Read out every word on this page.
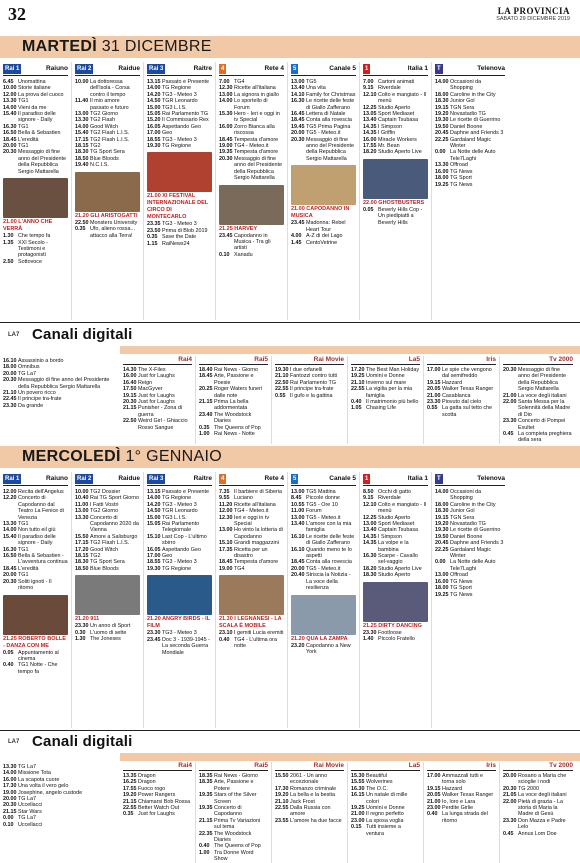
32	LA PROVINCIA
SABATO 29 DICEMBRE 2019
MARTEDÌ 31 DICEMBRE
Rai 1	Raiuno
6.45 Unomattina
10.00 Storie italiane
12.00 La prova del cuoco
13.30 TG1
14.00 Vieni da me
15.40 Il paradiso delle signore - Daily
16.30 TG1
16.50 Bella & Sebastien
18.45 L'eredità
20.00 TG1
20.30 Messaggio di fine anno del Presidente della Repubblica Sergio Mattarella
21.00 L'ANNO CHE VERRÀ
1.30 Che tempo fa
1.35 XXI Secolo - Testimoni e protagonisti
2.50 Sottovoce
Rai 2	Raidue
10.00 La dottoressa dell'isola - Corsa contro il tempo
11.40 Il mio amore passato e futuro
13.00 TG2 Giorno
13.30 TG2 Flash
14.00 Good Witch
15.40 TG2 Flash L.I.S.
17.15 TG2 Flash L.I.S.
18.15 TG2
18.30 TG Sport Sera
18.50 Blue Bloods
19.40 N.C.I.S.
21.20 GLI ARISTOGATTI
22.50 Monsters University
0.35 Ufo, alieno rossa... attacco alla Terra!
Rai 3	Raitre
13.15 Passato e Presente
14.00 TG Regione
14.20 TG3 - Meteo 3
14.50 TGR Leonardo
15.00 TG3 L.I.S.
15.05 Rai Parlamento TG
15.20 Il Commissario Rex
16.05 Aspettando Geo
17.00 Geo
18.55 TG3 - Meteo 3
19.30 TG Regione
21.00 XI FESTIVAL INTERNAZIONALE DEL CIRCO DI MONTECARLO
23.35 TG3 - Meteo 3
23.50 Prima di Blob 2019
0.35 Save the Date
1.15 RaiNews24
4	Rete 4
7.00 TG4
12.30 Ricette all'italiana
13.00 La signora in giallo
14.00 Lo sportello di Forum
15.30 Hero - Ieri e oggi in tv Special
16.00 Zorro Bianca alla riscossa
18.45 Tempesta d'amore
19.00 TG4 - Meteo.it
19.35 Tempesta d'amore
20.30 Messaggio di fine anno del Presidente della Repubblica Sergio Mattarella
21.25 HARVEY
23.45 Capodanno in Musica - Tra gli artisti
0.10 Xanadu
5	Canale 5
13.00 TG5
13.40 Una vita
14.10 Family for Christmas
16.30 Le ricette delle feste di Giallo Zafferano
16.45 Lettera di Natale
18.45 Conta alla rovescia
19.45 TG5 Prima Pagina
20.00 TG5 - Meteo.it
20.30 Messaggio di fine anno del Presidente della Repubblica Sergio Mattarella
21.00 CAPODANNO IN MUSICA
23.45 Madonna: Rebel Heart Tour
4.00 A-Z di dei Lago
1.45 CentoVetrine
1	Italia 1
7.00 Cartoni animati
9.15 Riverdale
12.10 Colto e mangiato - Il menù
12.25 Studio Aperto
13.05 Sport Mediaset
13.40 Captain Tsubasa
14.35 I Simpson
14.35 I Griffin
16.00 Miracle Workers
17.55 Mr. Bean
18.20 Studio Aperto Live
22.00 GHOSTBUSTERS
0.05 Beverly Hills Cop - Un piedipiatti a Beverly Hills
T	Telenova
14.00 Occasioni da Shopping
18.00 Caroline in the City
18.30 Junior Gol
19.15 TGN Sera
19.20 Novastadio TG
19.30 Le ricette di Guerrino
19.50 Daniel Boone
20.45 Daphne and Friends 3
22.25 Gardaland Magic Winter
0.00 La Notte delle Auto
Tele7Laghi
13.30 Offroad
16.00 TG News
18.00 TG Sport
19.25 TG News
LA7 Canali digitali
16.10 Assassinio a bordo
18.00 Omnibus
20.00 TG La7
20.30 Messaggio di fine anno del Presidente della Repubblica Sergio Mattarella
21.10 Un povero ricco
22.45 Il principe tra-frate
23.30 Da grande
Rai4
14.30 The X-Files
16.00 Just for Laughs
16.40 Reign
17.50 MacGyver
19.15 Just for Laughs
20.30 Just for Laughs
21.15 Punisher - Zona di guerra
22.50 Weird Girl - Ghiaccio Rosso Sangue
Rai5
18.40 Rai News - Giorno
18.45 Arte, Passione e Poesie
20.25 Roger Waters funeri dalle note
21.15 Prima La bella addormentata
23.40 The Woodstock Diaries
0.35 The Queens of Pop
1.00 Rai News - Notte
Rai Movie
19.30 I due orfanelli
21.10 Fantozzi contro tutti
22.50 Rai Parlamento TG
22.55 Il principe tra-frate
0.55 Il gufo e la gattina
La5
17.20 The Best Man Holiday
19.25 Uomini e Donne
21.10 Inverno sul mare
22.55 La vigilia per la mia famiglia
0.40 Il matrimonio più bello
1.05 Chasing Life
Iris
17.00 Le spie che vengono dal semifreddo
19.15 Hazzard
20.05 Walker Texas Ranger
21.00 Casablanca
23.30 Piovuto dal cielo
0.55 La gatta sul tetto che scotta
Tv 2000
20.30 Messaggio di fine anno del Presidente della Repubblica Sergio Mattarella
21.00 La voce degli italiani
22.00 Santa Messa per la Solennità della Madre di Dio
23.30 Concerto di Pompei Exultet
0.45 La compieta preghiera della sera
MERCOLEDÌ 1° GENNAIO
Rai 1	Raiuno
12.00 Recita dell'Angelus
12.20 Concerto di Capodanno dal Teatro La Fenice di Venezia
13.30 TG1
14.00 Non tutto eil giù
15.40 Il paradiso delle signore - Daily
16.30 TG1
16.50 Bella & Sebastien - L'avventura continua
18.45 L'eredità
20.00 TG1
20.30 Soliti ignoti - Il ritorno
21.25 ROBERTO BOLLE - DANZA CON ME
0.05 Appuntamento al cinema
0.40 TG1 Notte - Che tempo fa
Rai 2	Raidue
10.00 TG2 Dossier
10.40 Rai TG Sport Giorno
11.00 I Fatti Vostri
13.00 TG2 Giorno
13.30 Concerto di Capodanno 2020 da Vienna
15.50 Amore a Salisburgo
17.15 TG2 Flash L.I.S.
17.20 Good Witch
18.15 TG2
18.30 TG Sport Sera
18.50 Blue Bloods
21.20 911
23.30 Un anno di Sport
0.30 L'uomo di sette
1.30 The Joneses
Rai 3	Raitre
13.15 Passato e Presente
14.00 TG Regione
14.20 TG3 - Meteo 3
14.50 TGR Leonardo
15.00 TG3 L.I.S.
15.05 Rai Parlamento Telegiornale
15.10 Last Cop - L'ultimo sbirro
16.05 Aspettando Geo
17.00 Geo
18.55 TG3 - Meteo 3
19.30 TG Regione
21.20 ANGRY BIRDS - IL FILM
23.30 TG3 - Meteo 3
23.45 Doc 3 - 1939-1945 - La seconda Guerra Mondiale
4	Rete 4
7.35 Il barbiere di Siberia
9.55 Luciano
11.20 Ricette all'italiana
12.00 TG4 - Meteo.it
12.30 Ieri e oggi in tv Special
13.00 Ho vinto la lotteria di Capodanno
15.10 Grandi maggazzini
17.35 Ricetta per un disastro
18.45 Tempesta d'amore
19.00 TG4
21.30 I LEGNANESI - LA SCALA È MOBILE
23.10 I gemiti Lucia eremiti
0.40 TG4 - L'ultima ora notte
5	Canale 5
13.00 TG5 Mattina
8.45 Piccole donne
10.55 TG5 - Ore 10
11.00 Forum
13.00 TG5 - Meteo.it
13.40 L'amore con la mia famiglia
16.10 Le ricette delle feste di Giallo Zafferano
16.10 Quando meno te lo aspetti
18.45 Conta alla rovescia
20.00 TG5 - Meteo.it
20.40 Striscia la Notizia - La voce della resilienza
21.20 QUA LA ZAMPA
23.20 Capodanno a New York
1	Italia 1
8.50 Occhi di gatto
9.15 Riverdale
12.10 Colto e mangiato - Il menù
12.25 Studio Aperto
13.00 Sport Mediaset
13.40 Captain Tsubasa
14.35 I Simpson
14.35 La volpe e la bambina
16.30 Scarpe - Cavallo sel-vaggio
18.20 Studio Aperto Live
18.30 Studio Aperto
21.25 DIRTY DANCING
23.30 Footloose
1.40 Piccolo Fratello
T	Telenova
14.00 Occasioni da Shopping
18.00 Caroline in the City
18.30 Junior Gol
19.15 TGN Sera
19.20 Novastadio TG
19.30 Le ricette di Guerrino
19.50 Daniel Boone
20.45 Daphne and Friends 3
22.25 Gardaland Magic Winter
0.00 La Notte delle Auto
Tele7Laghi
13.00 Offroad
16.00 TG News
18.00 TG Sport
19.25 TG News
LA7 Canali digitali
13.30 TG La7
14.00 Missione Tota
16.00 La scapota cuore
17.30 Una volta il vero gelo
19.00 Josephine, angelo custode
20.00 TG La7
20.30 Uccellacci
21.15 Star Wars
0.00 TG La7
0.10 Uccellacci
Rai4
13.35 Dragon
16.25 Dragon
17.55 Fuoco rogo
19.20 Power Rangers
21.15 Chiamarsi Bob Rossa
22.55 Better Watch Out
0.35 Just for Laughs
Rai5
18.35 Rai News - Giorno
18.35 Arte, Passione e Potere
19.35 Stars of the Silver Screen
19.35 Concerto di Capodanno
21.15 Prima Tv Variazioni sul tema
22.35 The Woodstock Diaries
0.40 The Queens of Pop
1.00 Tra Donne Word Show
Rai Movie
15.50 2061 - Un anno eccezionale
17.30 Romanzo criminale
19.20 La bella e la bestia
21.10 Jack Frost
22.55 Dalla Russia con amore
23.55 L'amore ha due facce
La5
15.30 Beautiful
15.55 Wolverines
16.30 The O.C.
16.15 Un natale di mille colori
19.25 Uomini e Donne
21.00 Il regno perfetto
23.00 La sposa voglia
0.15 Tutti insieme a ventura
Iris
17.00 Ammazzali tutti e torna solo
19.15 Hazzard
20.05 Walker Texas Ranger
21.00 Io, loro e Lara
23.00 Perdite Girlie
0.40 La lunga strada del ritorno
Tv 2000
20.00 Rosario a Maria che scioglie i nodi
20.30 TG 2000
21.05 La voce degli italiani
22.00 Pietà di grazia - La storia di Maria la Madre di Gesù
23.30 Don Mazza e Padre Lelo
0.45 Annus Lom Doe
